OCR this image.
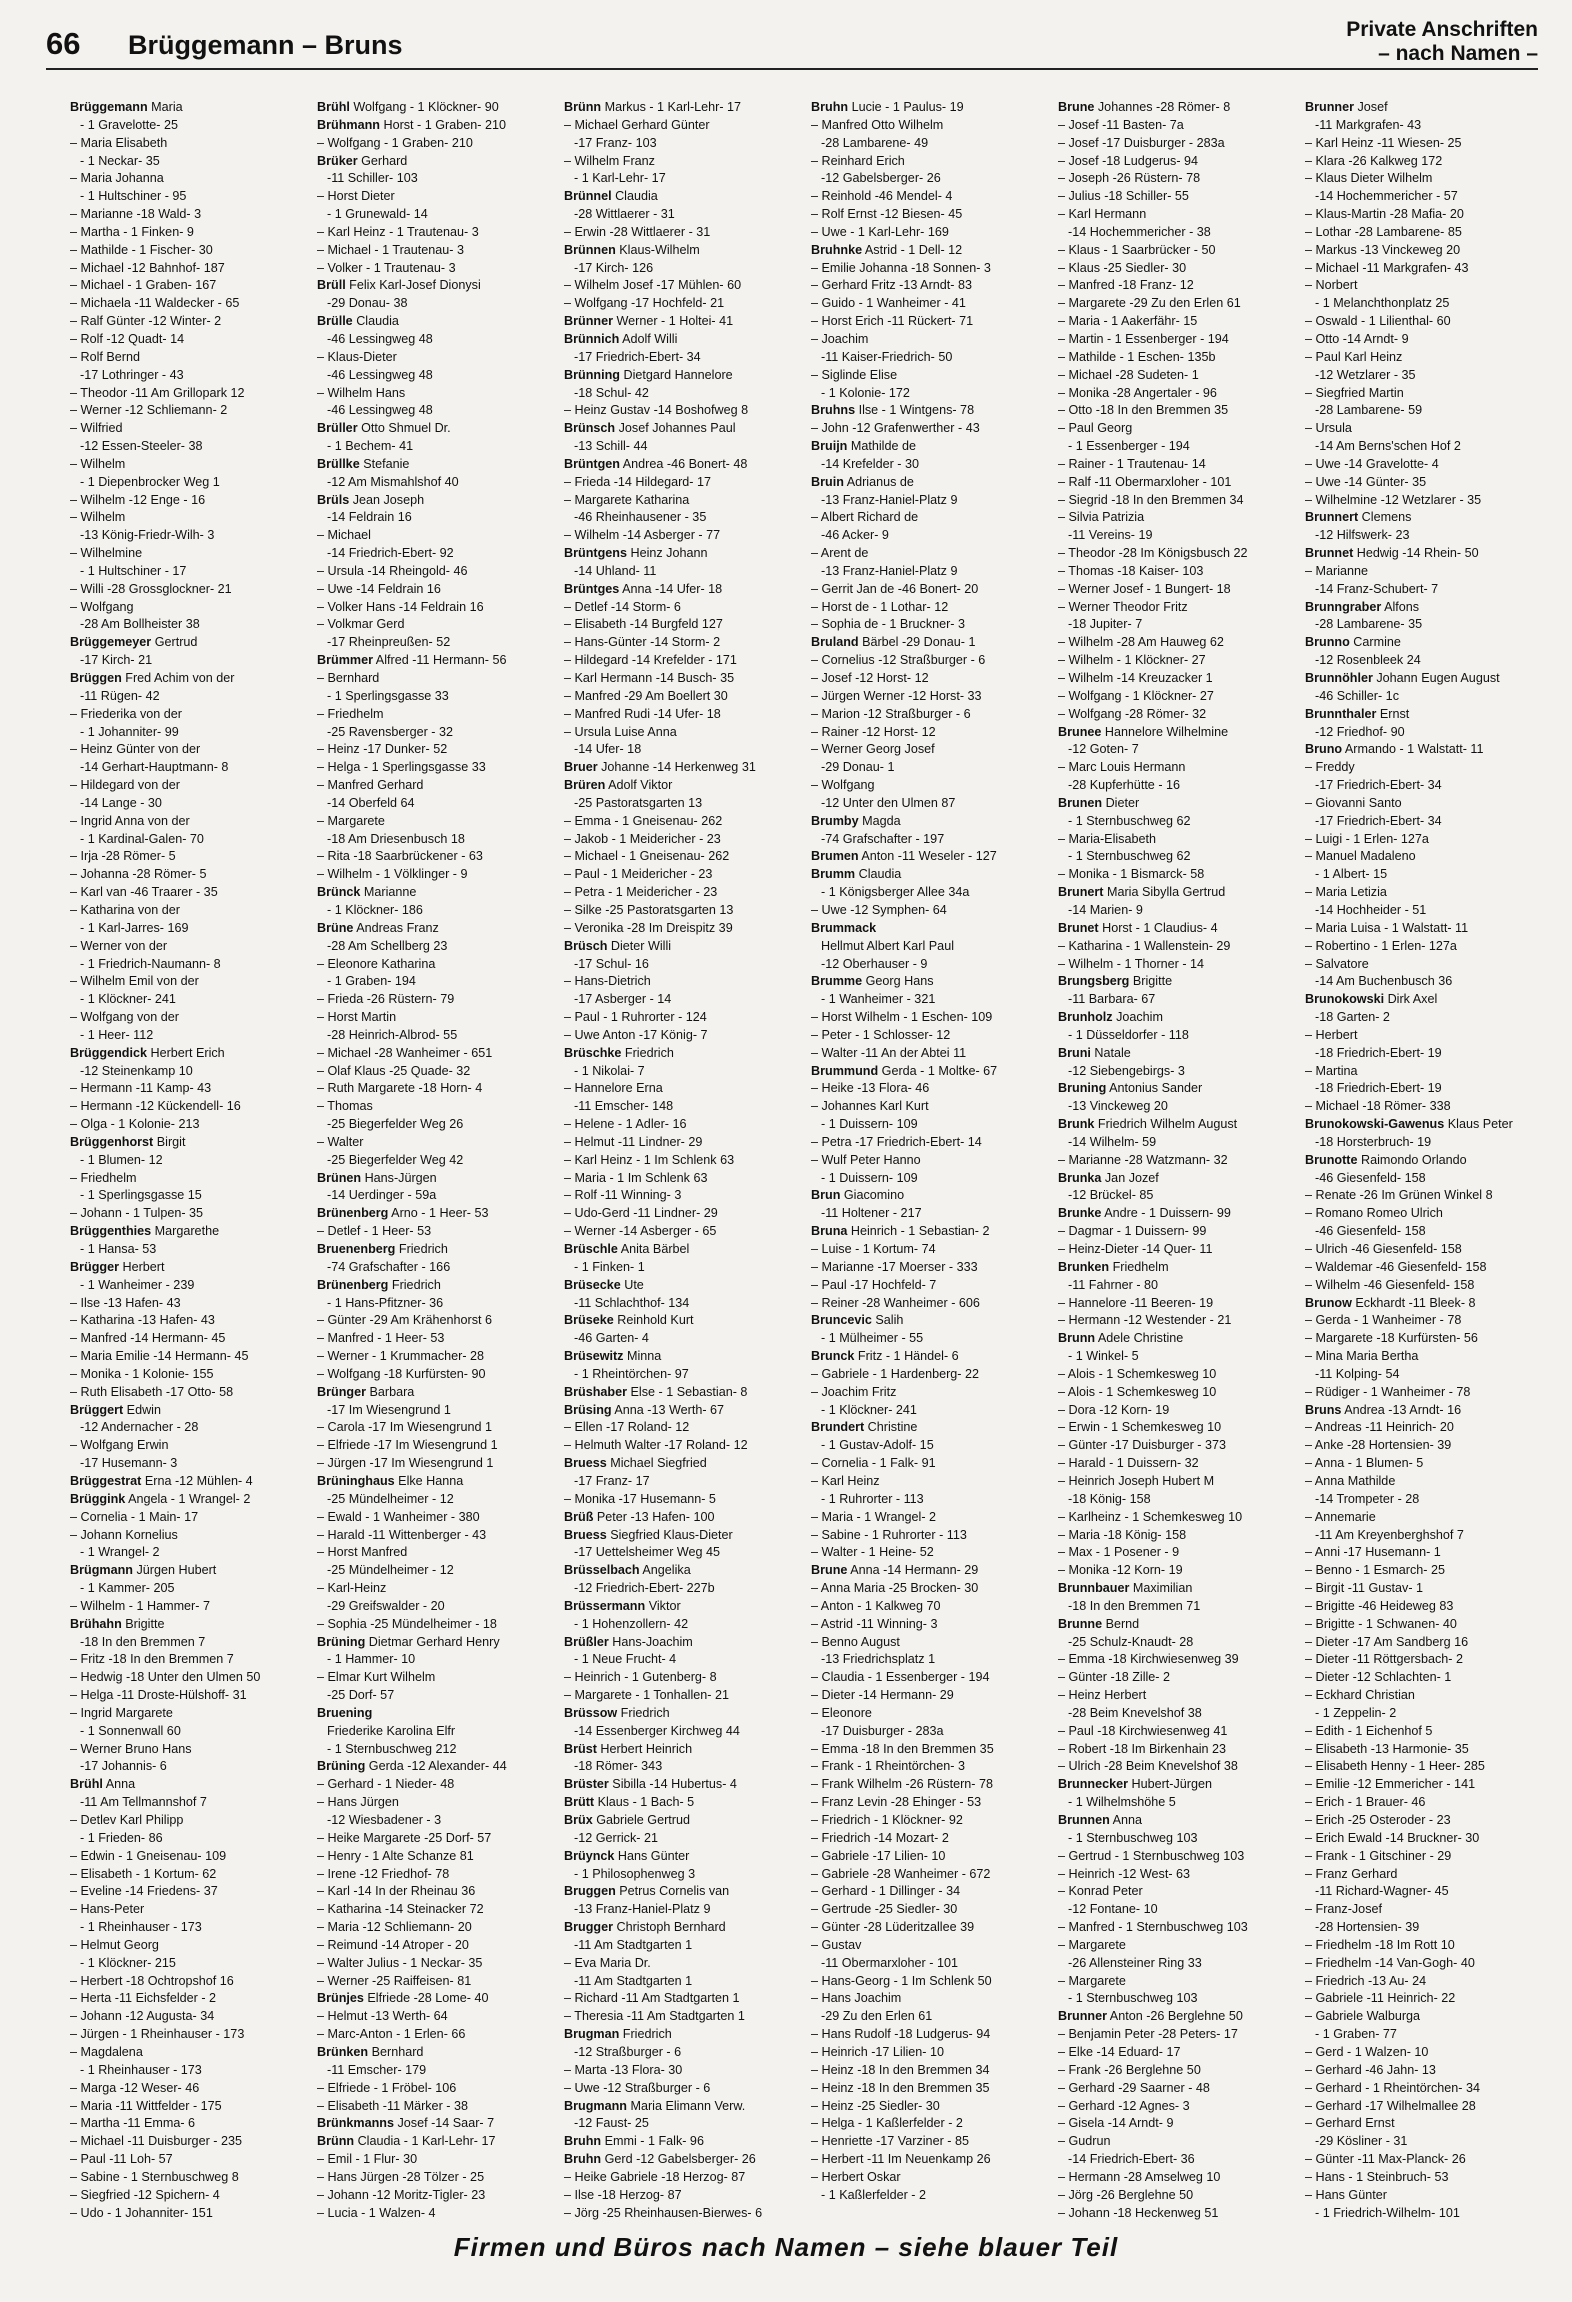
66 Brüggemann – Bruns
Private Anschriften
– nach Namen –
Brüggemann Maria
- 1 Gravelotte- 25
– Maria Elisabeth
- 1 Neckar- 35
– Maria Johanna
- 1 Hultschiner - 95
– Marianne -18 Wald- 3
– Martha - 1 Finken- 9
– Mathilde - 1 Fischer- 30
– Michael -12 Bahnhof- 187
– Michael - 1 Graben- 167
– Michaela -11 Waldecker - 65
– Ralf Günter -12 Winter- 2
– Rolf -12 Quadt- 14
– Rolf Bernd
-17 Lothringer - 43
– Theodor -11 Am Grillopark 12
– Werner -12 Schliemann- 2
– Wilfried
-12 Essen-Steeler- 38
– Wilhelm
- 1 Diepenbrocker Weg 1
– Wilhelm -12 Enge - 16
– Wilhelm
-13 König-Friedr-Wilh- 3
– Wilhelmine
- 1 Hultschiner - 17
– Willi -28 Grossglockner- 21
– Wolfgang
-28 Am Bollheister 38
Brüggemeyer Gertrud
-17 Kirch- 21
Brüggen Fred Achim von der
-11 Rügen- 42
– Friederika von der
- 1 Johanniter- 99
– Heinz Günter von der
-14 Gerhart-Hauptmann- 8
– Hildegard von der
-14 Lange - 30
– Ingrid Anna von der
- 1 Kardinal-Galen- 70
– Irja -28 Römer- 5
– Johanna -28 Römer- 5
– Karl van -46 Traarer - 35
– Katharina von der
- 1 Karl-Jarres- 169
– Werner von der
- 1 Friedrich-Naumann- 8
– Wilhelm Emil von der
- 1 Klöckner- 241
– Wolfgang von der
- 1 Heer- 112
Brüggendick Herbert Erich
-12 Steinenkamp 10
– Hermann -11 Kamp- 43
– Hermann -12 Kückendell- 16
– Olga - 1 Kolonie- 213
Brüggenhorst Birgit
- 1 Blumen- 12
– Friedhelm
- 1 Sperlingsgasse 15
– Johann - 1 Tulpen- 35
Brüggenthies Margarethe
- 1 Hansa- 53
Brügger Herbert
- 1 Wanheimer - 239
– Ilse -13 Hafen- 43
– Katharina -13 Hafen- 43
– Manfred -14 Hermann- 45
– Maria Emilie -14 Hermann- 45
– Monika - 1 Kolonie- 155
– Ruth Elisabeth -17 Otto- 58
Brüggert Edwin
-12 Andernacher - 28
– Wolfgang Erwin
-17 Husemann- 3
Brüggestrat Erna -12 Mühlen- 4
Brüggink Angela - 1 Wrangel- 2
– Cornelia - 1 Main- 17
– Johann Kornelius
- 1 Wrangel- 2
Brügmann Jürgen Hubert
- 1 Kammer- 205
– Wilhelm - 1 Hammer- 7
Brühahn Brigitte
-18 In den Bremmen 7
– Fritz -18 In den Bremmen 7
– Hedwig -18 Unter den Ulmen 50
– Helga -11 Droste-Hülshoff- 31
– Ingrid Margarete
- 1 Sonnenwall 60
– Werner Bruno Hans
-17 Johannis- 6
Brühl Anna
-11 Am Tellmannshof 7
– Detlev Karl Philipp
- 1 Frieden- 86
– Edwin - 1 Gneisenau- 109
– Elisabeth - 1 Kortum- 62
– Eveline -14 Friedens- 37
– Hans-Peter
- 1 Rheinhauser - 173
– Helmut Georg
- 1 Klöckner- 215
– Herbert -18 Ochtropshof 16
– Herta -11 Eichsfelder - 2
– Johann -12 Augusta- 34
– Jürgen - 1 Rheinhauser - 173
– Magdalena
- 1 Rheinhauser - 173
– Marga -12 Weser- 46
– Maria -11 Wittfelder - 175
– Martha -11 Emma- 6
– Michael -11 Duisburger - 235
– Paul -11 Loh- 57
– Sabine - 1 Sternbuschweg 8
– Siegfried -12 Spichern- 4
– Udo - 1 Johanniter- 151
Brühl Wolfgang - 1 Klöckner- 90
Brühmann Horst - 1 Graben- 210
– Wolfgang - 1 Graben- 210
Brüker Gerhard
-11 Schiller- 103
– Horst Dieter
- 1 Grunewald- 14
– Karl Heinz - 1 Trautenau- 3
– Michael - 1 Trautenau- 3
– Volker - 1 Trautenau- 3
Brüll Felix Karl-Josef Dionysi
-29 Donau- 38
Brülle Claudia
-46 Lessingweg 48
– Klaus-Dieter
-46 Lessingweg 48
– Wilhelm Hans
-46 Lessingweg 48
Brüller Otto Shmuel Dr.
- 1 Bechem- 41
Brüllke Stefanie
-12 Am Mismahlshof 40
Brüls Jean Joseph
-14 Feldrain 16
– Michael
-14 Friedrich-Ebert- 92
– Ursula -14 Rheingold- 46
– Uwe -14 Feldrain 16
– Volker Hans -14 Feldrain 16
– Volkmar Gerd
-17 Rheinpreußen- 52
Brümmer Alfred -11 Hermann- 56
– Bernhard
- 1 Sperlingsgasse 33
– Friedhelm
-25 Ravensberger - 32
– Heinz -17 Dunker- 52
– Helga - 1 Sperlingsgasse 33
– Manfred Gerhard
-14 Oberfeld 64
– Margarete
-18 Am Driesenbusch 18
– Rita -18 Saarbrückener - 63
– Wilhelm - 1 Völklinger - 9
Brünck Marianne
- 1 Klöckner- 186
Brüne Andreas Franz
-28 Am Schellberg 23
– Eleonore Katharina
- 1 Graben- 194
– Frieda -26 Rüstern- 79
– Horst Martin
-28 Heinrich-Albrod- 55
– Michael -28 Wanheimer - 651
– Olaf Klaus -25 Quade- 32
– Ruth Margarete -18 Horn- 4
– Thomas
-25 Biegerfelder Weg 26
– Walter
-25 Biegerfelder Weg 42
Brünen Hans-Jürgen
-14 Uerdinger - 59a
Brünenberg Arno - 1 Heer- 53
– Detlef - 1 Heer- 53
Bruenenberg Friedrich
-74 Grafschafter - 166
Brünenberg Friedrich
- 1 Hans-Pfitzner- 36
– Günter -29 Am Krähenhorst 6
– Manfred - 1 Heer- 53
– Werner - 1 Krummacher- 28
– Wolfgang -18 Kurfürsten- 90
Brünger Barbara
-17 Im Wiesengrund 1
– Carola -17 Im Wiesengrund 1
– Elfriede -17 Im Wiesengrund 1
– Jürgen -17 Im Wiesengrund 1
Brüninghaus Elke Hanna
-25 Mündelheimer - 12
– Ewald - 1 Wanheimer - 380
– Harald -11 Wittenberger - 43
– Horst Manfred
-25 Mündelheimer - 12
– Karl-Heinz
-29 Greifswalder - 20
– Sophia -25 Mündelheimer - 18
Brüning Dietmar Gerhard Henry
- 1 Hammer- 10
– Elmar Kurt Wilhelm
-25 Dorf- 57
Bruening
Friederike Karolina Elfr
- 1 Sternbuschweg 212
Brüning Gerda -12 Alexander- 44
– Gerhard - 1 Nieder- 48
– Hans Jürgen
-12 Wiesbadener - 3
– Heike Margarete -25 Dorf- 57
– Henry - 1 Alte Schanze 81
– Irene -12 Friedhof- 78
– Karl -14 In der Rheinau 36
– Katharina -14 Steinacker 72
– Maria -12 Schliemann- 20
– Reimund -14 Atroper - 20
– Walter Julius - 1 Neckar- 35
– Werner -25 Raiffeisen- 81
Brünjes Elfriede -28 Lome- 40
– Helmut -13 Werth- 64
– Marc-Anton - 1 Erlen- 66
Brünken Bernhard
-11 Emscher- 179
– Elfriede - 1 Fröbel- 106
– Elisabeth -11 Märker - 38
Brünkmanns Josef -14 Saar- 7
Brünn Claudia - 1 Karl-Lehr- 17
– Emil - 1 Flur- 30
– Hans Jürgen -28 Tölzer - 25
– Johann -12 Moritz-Tigler- 23
– Lucia - 1 Walzen- 4
Brünn Markus - 1 Karl-Lehr- 17
– Michael Gerhard Günter
-17 Franz- 103
– Wilhelm Franz
- 1 Karl-Lehr- 17
Brünnel Claudia
-28 Wittlaerer - 31
– Erwin -28 Wittlaerer - 31
Brünnen Klaus-Wilhelm
-17 Kirch- 126
– Wilhelm Josef -17 Mühlen- 60
– Wolfgang -17 Hochfeld- 21
Brünner Werner - 1 Holtei- 41
Brünnich Adolf Willi
-17 Friedrich-Ebert- 34
Brünning Dietgard Hannelore
-18 Schul- 42
– Heinz Gustav -14 Boshofweg 8
Brünsch Josef Johannes Paul
-13 Schill- 44
Brüntgen Andrea -46 Bonert- 48
– Frieda -14 Hildegard- 17
– Margarete Katharina
-46 Rheinhausener - 35
– Wilhelm -14 Asberger - 77
Brüntgens Heinz Johann
-14 Uhland- 11
Brüntges Anna -14 Ufer- 18
– Detlef -14 Storm- 6
– Elisabeth -14 Burgfeld 127
– Hans-Günter -14 Storm- 2
– Hildegard -14 Krefelder - 171
– Karl Hermann -14 Busch- 35
– Manfred -29 Am Boellert 30
– Manfred Rudi -14 Ufer- 18
– Ursula Luise Anna
-14 Ufer- 18
Bruer Johanne -14 Herkenweg 31
Brüren Adolf Viktor
-25 Pastoratsgarten 13
– Emma - 1 Gneisenau- 262
– Jakob - 1 Meidericher - 23
– Michael - 1 Gneisenau- 262
– Paul - 1 Meidericher - 23
– Petra - 1 Meidericher - 23
– Silke -25 Pastoratsgarten 13
– Veronika -28 Im Dreispitz 39
Brüsch Dieter Willi
-17 Schul- 16
– Hans-Dietrich
-17 Asberger - 14
– Paul - 1 Ruhrorter - 124
– Uwe Anton -17 König- 7
Brüschke Friedrich
- 1 Nikolai- 7
– Hannelore Erna
-11 Emscher- 148
– Helene - 1 Adler- 16
– Helmut -11 Lindner- 29
– Karl Heinz - 1 Im Schlenk 63
– Maria - 1 Im Schlenk 63
– Rolf -11 Winning- 3
– Udo-Gerd -11 Lindner- 29
– Werner -14 Asberger - 65
Brüschle Anita Bärbel
- 1 Finken- 1
Brüsecke Ute
-11 Schlachthof- 134
Brüseke Reinhold Kurt
-46 Garten- 4
Brüsewitz Minna
- 1 Rheintörchen- 97
Brüshaber Else - 1 Sebastian- 8
Brüsing Anna -13 Werth- 67
– Ellen -17 Roland- 12
– Helmuth Walter -17 Roland- 12
Bruess Michael Siegfried
-17 Franz- 17
– Monika -17 Husemann- 5
Brüß Peter -13 Hafen- 100
Bruess Siegfried Klaus-Dieter
-17 Uettelsheimer Weg 45
Brüsselbach Angelika
-12 Friedrich-Ebert- 227b
Brüssermann Viktor
- 1 Hohenzollern- 42
Brüßler Hans-Joachim
- 1 Neue Frucht- 4
– Heinrich - 1 Gutenberg- 8
– Margarete - 1 Tonhallen- 21
Brüssow Friedrich
-14 Essenberger Kirchweg 44
Brüst Herbert Heinrich
-18 Römer- 343
Brüster Sibilla -14 Hubertus- 4
Brütt Klaus - 1 Bach- 5
Brüx Gabriele Gertrud
-12 Gerrick- 21
Brüynck Hans Günter
- 1 Philosophenweg 3
Bruggen Petrus Cornelis van
-13 Franz-Haniel-Platz 9
Brugger Christoph Bernhard
-11 Am Stadtgarten 1
– Eva Maria Dr.
-11 Am Stadtgarten 1
– Richard -11 Am Stadtgarten 1
– Theresia -11 Am Stadtgarten 1
Brugman Friedrich
-12 Straßburger - 6
– Marta -13 Flora- 30
– Uwe -12 Straßburger - 6
Brugmann Maria Elimann Verw.
-12 Faust- 25
Bruhn Emmi - 1 Falk- 96
Bruhn Gerd -12 Gabelsberger- 26
– Heike Gabriele -18 Herzog- 87
– Ilse -18 Herzog- 87
– Jörg -25 Rheinhausen-Bierwes- 6
Bruhn Lucie - 1 Paulus- 19
– Manfred Otto Wilhelm
-28 Lambarene- 49
– Reinhard Erich
-12 Gabelsberger- 26
– Reinhold -46 Mendel- 4
– Rolf Ernst -12 Biesen- 45
– Uwe - 1 Karl-Lehr- 169
Bruhnke Astrid - 1 Dell- 12
– Emilie Johanna -18 Sonnen- 3
– Gerhard Fritz -13 Arndt- 83
– Guido - 1 Wanheimer - 41
– Horst Erich -11 Rückert- 71
– Joachim
-11 Kaiser-Friedrich- 50
– Siglinde Elise
- 1 Kolonie- 172
Bruhns Ilse - 1 Wintgens- 78
– John -12 Grafenwerther - 43
Bruijn Mathilde de
-14 Krefelder - 30
Bruin Adrianus de
-13 Franz-Haniel-Platz 9
– Albert Richard de
-46 Acker- 9
– Arent de
-13 Franz-Haniel-Platz 9
– Gerrit Jan de -46 Bonert- 20
– Horst de - 1 Lothar- 12
– Sophia de - 1 Bruckner- 3
Bruland Bärbel -29 Donau- 1
– Cornelius -12 Straßburger - 6
– Josef -12 Horst- 12
– Jürgen Werner -12 Horst- 33
– Marion -12 Straßburger - 6
– Rainer -12 Horst- 12
– Werner Georg Josef
-29 Donau- 1
– Wolfgang
-12 Unter den Ulmen 87
Brumby Magda
-74 Grafschafter - 197
Brumen Anton -11 Weseler - 127
Brumm Claudia
- 1 Königsberger Allee 34a
– Uwe -12 Symphen- 64
Brummack
Hellmut Albert Karl Paul
-12 Oberhauser - 9
Brumme Georg Hans
- 1 Wanheimer - 321
– Horst Wilhelm - 1 Eschen- 109
– Peter - 1 Schlosser- 12
– Walter -11 An der Abtei 11
Brummund Gerda - 1 Moltke- 67
– Heike -13 Flora- 46
– Johannes Karl Kurt
- 1 Duissern- 109
– Petra -17 Friedrich-Ebert- 14
– Wulf Peter Hanno
- 1 Duissern- 109
Brun Giacomino
-11 Holtener - 217
Bruna Heinrich - 1 Sebastian- 2
– Luise - 1 Kortum- 74
– Marianne -17 Moerser - 333
– Paul -17 Hochfeld- 7
– Reiner -28 Wanheimer - 606
Bruncevic Salih
- 1 Mülheimer - 55
Brunck Fritz - 1 Händel- 6
– Gabriele - 1 Hardenberg- 22
– Joachim Fritz
- 1 Klöckner- 241
Brundert Christine
- 1 Gustav-Adolf- 15
– Cornelia - 1 Falk- 91
– Karl Heinz
- 1 Ruhrorter - 113
– Maria - 1 Wrangel- 2
– Sabine - 1 Ruhrorter - 113
– Walter - 1 Heine- 52
Brune Anna -14 Hermann- 29
– Anna Maria -25 Brocken- 30
– Anton - 1 Kalkweg 70
– Astrid -11 Winning- 3
– Benno August
-13 Friedrichsplatz 1
– Claudia - 1 Essenberger - 194
– Dieter -14 Hermann- 29
– Eleonore
-17 Duisburger - 283a
– Emma -18 In den Bremmen 35
– Frank - 1 Rheintörchen- 3
– Frank Wilhelm -26 Rüstern- 78
– Franz Levin -28 Ehinger - 53
– Friedrich - 1 Klöckner- 92
– Friedrich -14 Mozart- 2
– Gabriele -17 Lilien- 10
– Gabriele -28 Wanheimer - 672
– Gerhard - 1 Dillinger - 34
– Gertrude -25 Siedler- 30
– Günter -28 Lüderitzallee 39
– Gustav
-11 Obermarxloher - 101
– Hans-Georg - 1 Im Schlenk 50
– Hans Joachim
-29 Zu den Erlen 61
– Hans Rudolf -18 Ludgerus- 94
– Heinrich -17 Lilien- 10
– Heinz -18 In den Bremmen 34
– Heinz -18 In den Bremmen 35
– Heinz -25 Siedler- 30
– Helga - 1 Kaßlerfelder - 2
– Henriette -17 Varziner - 85
– Herbert -11 Im Neuenkamp 26
– Herbert Oskar
- 1 Kaßlerfelder - 2
Brune Johannes -28 Römer- 8
– Josef -11 Basten- 7a
– Josef -17 Duisburger - 283a
– Josef -18 Ludgerus- 94
– Joseph -26 Rüstern- 78
– Julius -18 Schiller- 55
– Karl Hermann
-14 Hochemmericher - 38
– Klaus - 1 Saarbrücker - 50
– Klaus -25 Siedler- 30
– Manfred -18 Franz- 12
– Margarete -29 Zu den Erlen 61
– Maria - 1 Aakerfähr- 15
– Martin - 1 Essenberger - 194
– Mathilde - 1 Eschen- 135b
– Michael -28 Sudeten- 1
– Monika -28 Angertaler - 96
– Otto -18 In den Bremmen 35
– Paul Georg
- 1 Essenberger - 194
– Rainer - 1 Trautenau- 14
– Ralf -11 Obermarxloher - 101
– Siegrid -18 In den Bremmen 34
– Silvia Patrizia
-11 Vereins- 19
– Theodor -28 Im Königsbusch 22
– Thomas -18 Kaiser- 103
– Werner Josef - 1 Bungert- 18
– Werner Theodor Fritz
-18 Jupiter- 7
– Wilhelm -28 Am Hauweg 62
– Wilhelm - 1 Klöckner- 27
– Wilhelm -14 Kreuzacker 1
– Wolfgang - 1 Klöckner- 27
– Wolfgang -28 Römer- 32
Brunee Hannelore Wilhelmine
-12 Goten- 7
– Marc Louis Hermann
-28 Kupferhütte - 16
Brunen Dieter
- 1 Sternbuschweg 62
– Maria-Elisabeth
- 1 Sternbuschweg 62
– Monika - 1 Bismarck- 58
Brunert Maria Sibylla Gertrud
-14 Marien- 9
Brunet Horst - 1 Claudius- 4
– Katharina - 1 Wallenstein- 29
– Wilhelm - 1 Thorner - 14
Brungsberg Brigitte
-11 Barbara- 67
Brunholz Joachim
- 1 Düsseldorfer - 118
Bruni Natale
-12 Siebengebirgs- 3
Bruning Antonius Sander
-13 Vinckeweg 20
Brunk Friedrich Wilhelm August
-14 Wilhelm- 59
– Marianne -28 Watzmann- 32
Brunka Jan Jozef
-12 Brückel- 85
Brunke Andre - 1 Duissern- 99
– Dagmar - 1 Duissern- 99
– Heinz-Dieter -14 Quer- 11
Brunken Friedhelm
-11 Fahrner - 80
– Hannelore -11 Beeren- 19
– Hermann -12 Westender - 21
Brunn Adele Christine
- 1 Winkel- 5
– Alois - 1 Schemkesweg 10
– Alois - 1 Schemkesweg 10
– Dora -12 Korn- 19
– Erwin - 1 Schemkesweg 10
– Günter -17 Duisburger - 373
– Harald - 1 Duissern- 32
– Heinrich Joseph Hubert M
-18 König- 158
– Karlheinz - 1 Schemkesweg 10
– Maria -18 König- 158
– Max - 1 Posener - 9
– Monika -12 Korn- 19
Brunnbauer Maximilian
-18 In den Bremmen 71
Brunne Bernd
-25 Schulz-Knaudt- 28
– Emma -18 Kirchwiesenweg 39
– Günter -18 Zille- 2
– Heinz Herbert
-28 Beim Knevelshof 38
– Paul -18 Kirchwiesenweg 41
– Robert -18 Im Birkenhain 23
– Ulrich -28 Beim Knevelshof 38
Brunnecker Hubert-Jürgen
- 1 Wilhelmshöhe 5
Brunnen Anna
- 1 Sternbuschweg 103
– Gertrud - 1 Sternbuschweg 103
– Heinrich -12 West- 63
– Konrad Peter
-12 Fontane- 10
– Manfred - 1 Sternbuschweg 103
– Margarete
-26 Allensteiner Ring 33
– Margarete
- 1 Sternbuschweg 103
Brunner Anton -26 Berglehne 50
– Benjamin Peter -28 Peters- 17
– Elke -14 Eduard- 17
– Frank -26 Berglehne 50
– Gerhard -29 Saarner - 48
– Gerhard -12 Agnes- 3
– Gisela -14 Arndt- 9
– Gudrun
-14 Friedrich-Ebert- 36
– Hermann -28 Amselweg 10
– Jörg -26 Berglehne 50
– Johann -18 Heckenweg 51
Brunner Josef
-11 Markgrafen- 43
– Karl Heinz -11 Wiesen- 25
– Klara -26 Kalkweg 172
– Klaus Dieter Wilhelm
-14 Hochemmericher - 57
– Klaus-Martin -28 Mafia- 20
– Lothar -28 Lambarene- 85
– Markus -13 Vinckeweg 20
– Michael -11 Markgrafen- 43
– Norbert
- 1 Melanchthonplatz 25
– Oswald - 1 Lilienthal- 60
– Otto -14 Arndt- 9
– Paul Karl Heinz
-12 Wetzlarer - 35
– Siegfried Martin
-28 Lambarene- 59
– Ursula
-14 Am Berns'schen Hof 2
– Uwe -14 Gravelotte- 4
– Uwe -14 Günter- 35
– Wilhelmine -12 Wetzlarer - 35
Brunnert Clemens
-12 Hilfswerk- 23
Brunnet Hedwig -14 Rhein- 50
– Marianne
-14 Franz-Schubert- 7
Brunngraber Alfons
-28 Lambarene- 35
Brunno Carmine
-12 Rosenbleek 24
Brunnöhler Johann Eugen August
-46 Schiller- 1c
Brunnthaler Ernst
-12 Friedhof- 90
Bruno Armando - 1 Walstatt- 11
– Freddy
-17 Friedrich-Ebert- 34
– Giovanni Santo
-17 Friedrich-Ebert- 34
– Luigi - 1 Erlen- 127a
– Manuel Madaleno
- 1 Albert- 15
– Maria Letizia
-14 Hochheider - 51
– Maria Luisa - 1 Walstatt- 11
– Robertino - 1 Erlen- 127a
– Salvatore
-14 Am Buchenbusch 36
Brunokowski Dirk Axel
-18 Garten- 2
– Herbert
-18 Friedrich-Ebert- 19
– Martina
-18 Friedrich-Ebert- 19
– Michael -18 Römer- 338
Brunokowski-Gawenus Klaus Peter
-18 Horsterbruch- 19
Brunotte Raimondo Orlando
-46 Giesenfeld- 158
– Renate -26 Im Grünen Winkel 8
– Romano Romeo Ulrich
-46 Giesenfeld- 158
– Ulrich -46 Giesenfeld- 158
– Waldemar -46 Giesenfeld- 158
– Wilhelm -46 Giesenfeld- 158
Brunow Eckhardt -11 Bleek- 8
– Gerda - 1 Wanheimer - 78
– Margarete -18 Kurfürsten- 56
– Mina Maria Bertha
-11 Kolping- 54
– Rüdiger - 1 Wanheimer - 78
Bruns Andrea -13 Arndt- 16
– Andreas -11 Heinrich- 20
– Anke -28 Hortensien- 39
– Anna - 1 Blumen- 5
– Anna Mathilde
-14 Trompeter - 28
– Annemarie
-11 Am Kreyenberghshof 7
– Anni -17 Husemann- 1
– Benno - 1 Esmarch- 25
– Birgit -11 Gustav- 1
– Brigitte -46 Heideweg 83
– Brigitte - 1 Schwanen- 40
– Dieter -17 Am Sandberg 16
– Dieter -11 Röttgersbach- 2
– Dieter -12 Schlachten- 1
– Eckhard Christian
- 1 Zeppelin- 2
– Edith - 1 Eichenhof 5
– Elisabeth -13 Harmonie- 35
– Elisabeth Henny - 1 Heer- 285
– Emilie -12 Emmericher - 141
– Erich - 1 Brauer- 46
– Erich -25 Osteroder - 23
– Erich Ewald -14 Bruckner- 30
– Frank - 1 Gitschiner - 29
– Franz Gerhard
-11 Richard-Wagner- 45
– Franz-Josef
-28 Hortensien- 39
– Friedhelm -18 Im Rott 10
– Friedhelm -14 Van-Gogh- 40
– Friedrich -13 Au- 24
– Gabriele -11 Heinrich- 22
– Gabriele Walburga
- 1 Graben- 77
– Gerd - 1 Walzen- 10
– Gerhard -46 Jahn- 13
– Gerhard - 1 Rheintörchen- 34
– Gerhard -17 Wilhelmallee 28
– Gerhard Ernst
-29 Kösliner - 31
– Günter -11 Max-Planck- 26
– Hans - 1 Steinbruch- 53
– Hans Günter
- 1 Friedrich-Wilhelm- 101
Firmen und Büros nach Namen – siehe blauer Teil
